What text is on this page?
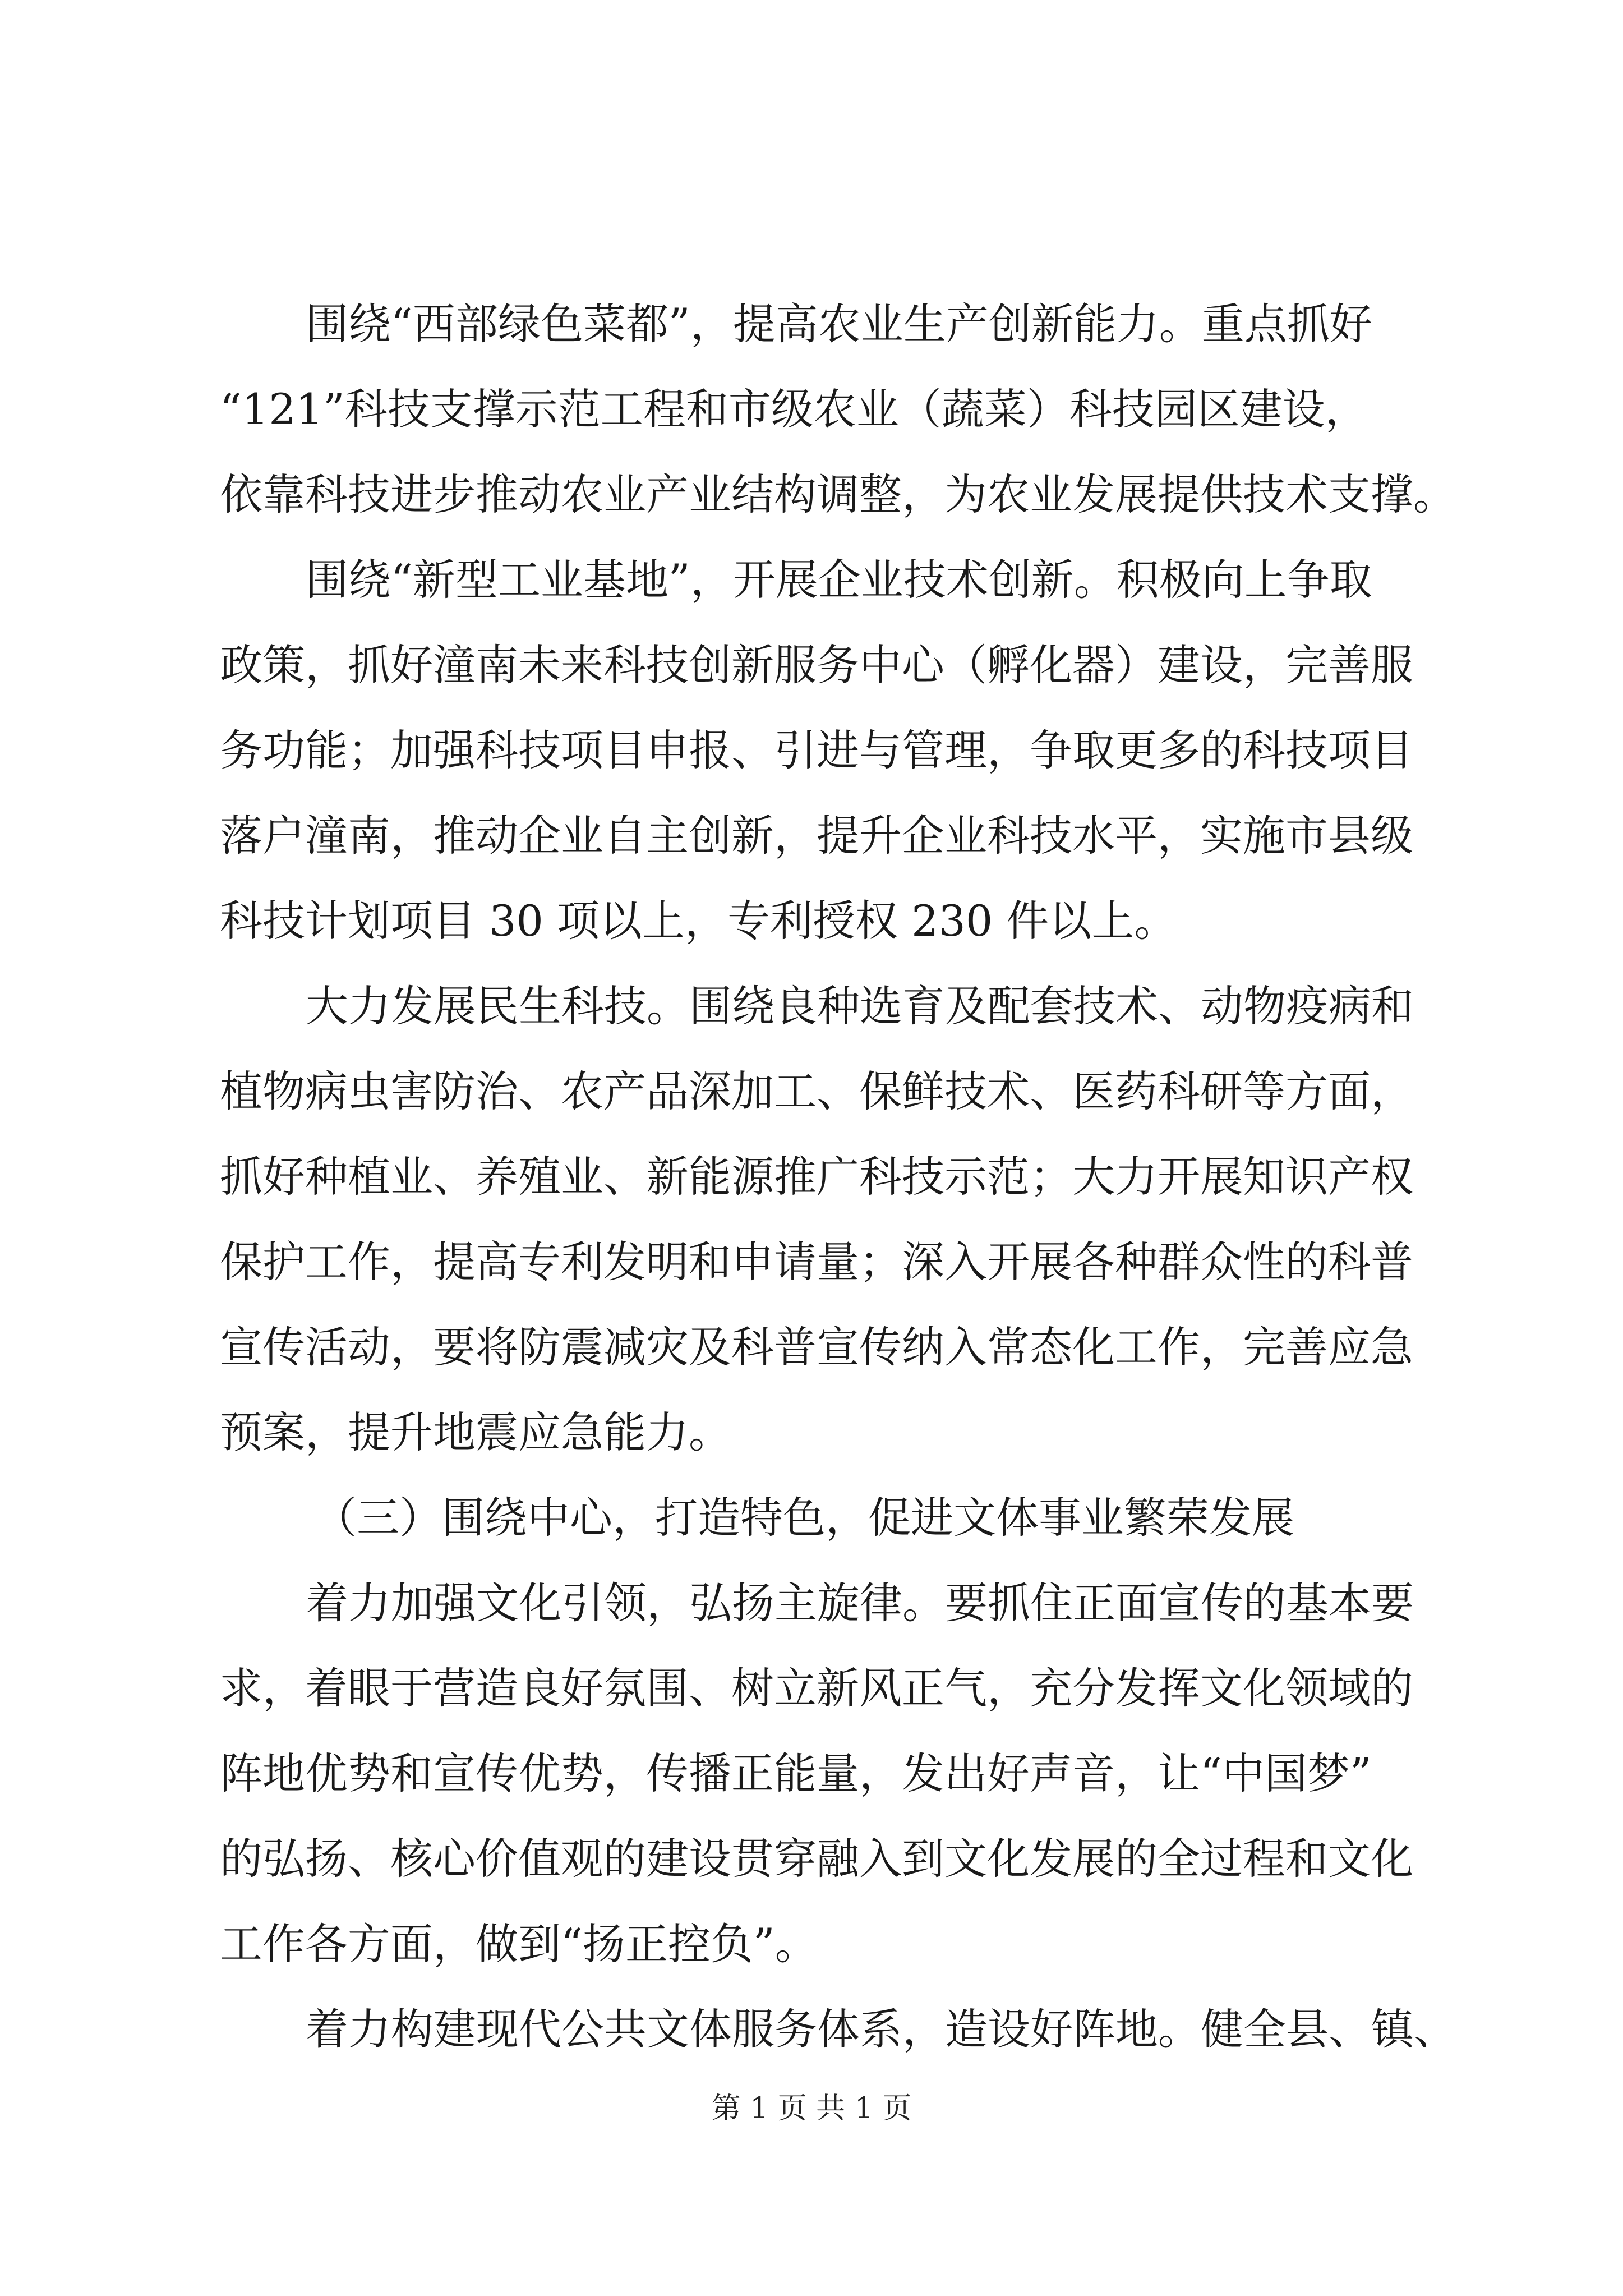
围绕“西部绿色菜都”，提高农业生产创新能力。重点抓好
“121”科技支撑示范工程和市级农业（蔬菜）科技园区建设，
依靠科技进步推动农业产业结构调整，为农业发展提供技术支撑。
围绕“新型工业基地”，开展企业技术创新。积极向上争取
政策，抓好潼南未来科技创新服务中心（孵化器）建设，完善服
务功能；加强科技项目申报、引进与管理，争取更多的科技项目
落户潼南，推动企业自主创新，提升企业科技水平，实施市县级
科技计划项目 30 项以上，专利授权 230 件以上。
大力发展民生科技。围绕良种选育及配套技术、动物疫病和
植物病虫害防治、农产品深加工、保鲜技术、医药科研等方面，
抓好种植业、养殖业、新能源推广科技示范；大力开展知识产权
保护工作，提高专利发明和申请量；深入开展各种群众性的科普
宣传活动，要将防震减灾及科普宣传纳入常态化工作，完善应急
预案，提升地震应急能力。
（三）围绕中心，打造特色，促进文体事业繁荣发展
着力加强文化引领，弘扬主旋律。要抓住正面宣传的基本要
求，着眼于营造良好氛围、树立新风正气，充分发挥文化领域的
阵地优势和宣传优势，传播正能量，发出好声音，让“中国梦”
的弘扬、核心价值观的建设贯穿融入到文化发展的全过程和文化
工作各方面，做到“扬正控负”。
着力构建现代公共文体服务体系，造设好阵地。健全县、镇、
第 1 页 共 1 页
